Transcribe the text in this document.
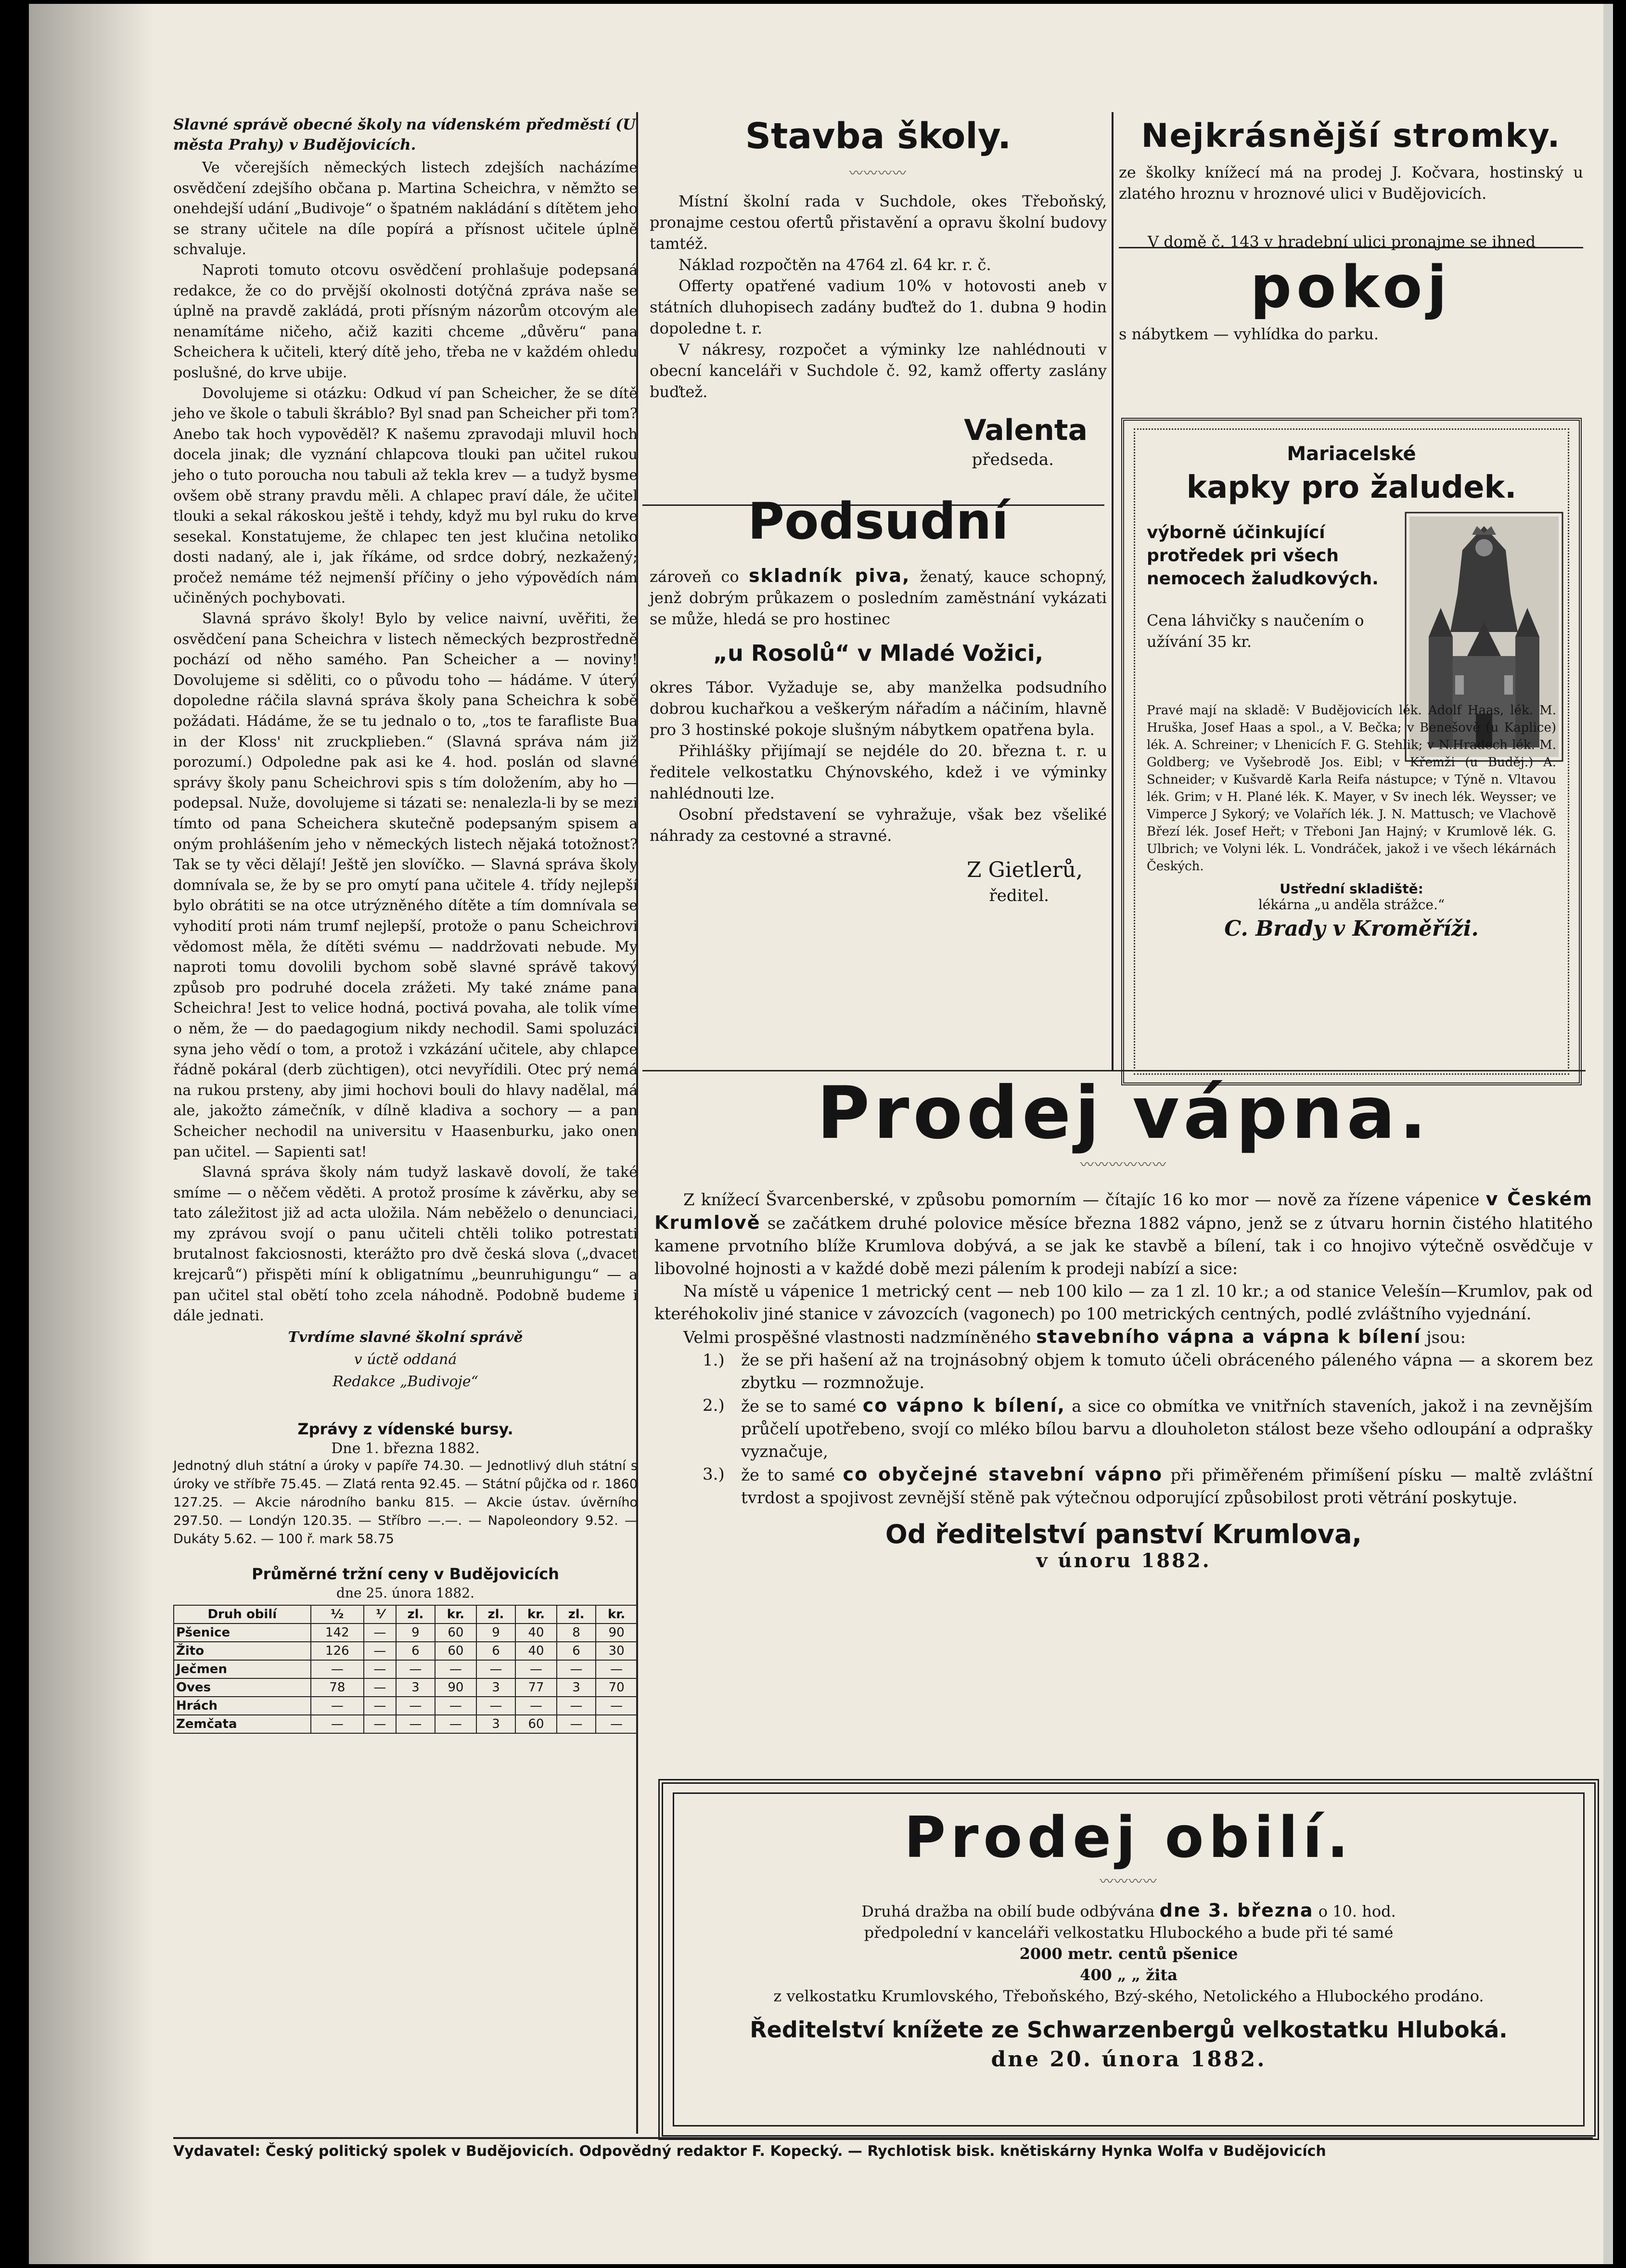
Slavné správě obecné školy na vídenském předměstí (U města Prahy) v Budějovicích.

Ve včerejších německých listech zdejších nacházíme osvědčení zdejšího občana p. Martina Scheichra, v němžto se onehdejší udání „Budivoje“ o špatném nakládání s dítětem jeho se strany učitele na díle popírá a přísnost učitele úplně schvaluje.

Naproti tomuto otcovu osvědčení prohlašuje podepsaná redakce, že co do prvější okolnosti dotýčná zpráva naše se úplně na pravdě zakládá, proti přísným názorům otcovým ale nenamítáme ničeho, ačiž kaziti chceme „důvěru“ pana Scheichera k učiteli, který dítě jeho, třeba ne v každém ohledu poslušné, do krve ubije.

Dovolujeme si otázku: Odkud ví pan Scheicher, že se dítě jeho ve škole o tabuli škráblo? Byl snad pan Scheicher při tom? Anebo tak hoch vypověděl? K našemu zpravodaji mluvil hoch docela jinak; dle vyznání chlapcova tlouki pan učitel rukou jeho o tuto poroucha nou tabuli až tekla krev — a tudyž bysme ovšem obě strany pravdu měli. A chlapec praví dále, že učitel tlouki a sekal rákoskou ještě i tehdy, když mu byl ruku do krve sesekal. Konstatujeme, že chlapec ten jest klučina netoliko dosti nadaný, ale i, jak říkáme, od srdce dobrý, nezkažený; pročež nemáme též nejmenší příčiny o jeho výpovědích nám učiněných pochybovati.

Slavná správo školy! Bylo by velice naivní, uvěřiti, že osvědčení pana Scheichra v listech německých bezprostředně pochází od něho samého. Pan Scheicher a — noviny! Dovolujeme si sděliti, co o původu toho — hádáme. V úterý dopoledne ráčila slavná správa školy pana Scheichra k sobě požádati. Hádáme, že se tu jednalo o to, „tos te farafliste Bua in der Kloss' nit zruckplieben.“ (Slavná správa nám již porozumí.) Odpoledne pak asi ke 4. hod. poslán od slavné správy školy panu Scheichrovi spis s tím doložením, aby ho — podepsal. Nuže, dovolujeme si tázati se: nenalezla-li by se mezi tímto od pana Scheichera skutečně podepsaným spisem a oným prohlášením jeho v německých listech nějaká totožnost? Tak se ty věci dělají! Ještě jen slovíčko. — Slavná správa školy domnívala se, že by se pro omytí pana učitele 4. třídy nejlepší bylo obrátiti se na otce utrýzněného dítěte a tím domnívala se vyhodití proti nám trumf nejlepší, protože o panu Scheichrovi vědomost měla, že dítěti svému — naddržovati nebude. My naproti tomu dovolili bychom sobě slavné správě takový způsob pro podruhé docela zrážeti. My také známe pana Scheichra! Jest to velice hodná, poctivá povaha, ale tolik víme o něm, že — do paedagogium nikdy nechodil. Sami spoluzáci syna jeho vědí o tom, a protož i vzkázání učitele, aby chlapce řádně pokáral (derb züchtigen), otci nevyřídili. Otec prý nemá na rukou prsteny, aby jimi hochovi bouli do hlavy nadělal, má ale, jakožto zámečník, v dílně kladiva a sochory — a pan Scheicher nechodil na universitu v Haasenburku, jako onen pan učitel. — Sapienti sat!

Slavná správa školy nám tudyž laskavě dovolí, že také smíme — o něčem věděti. A protož prosíme k závěrku, aby se tato záležitost již ad acta uložila. Nám neběželo o denunciaci, my zprávou svojí o panu učiteli chtěli toliko potrestati brutalnost fakciosnosti, kterážto pro dvě česká slova („dvacet krejcarů“) přispěti míní k obligatnímu „beunruhigungu“ — a pan učitel stal obětí toho zcela náhodně. Podobně budeme i dále jednati.

Tvrdíme slavné školní správě
v úctě oddaná
Redakce „Budivoje“
Zprávy z vídenské bursy.
Dne 1. března 1882.
Jednotný dluh státní a úroky v papíře 74.30. — Jednotlivý dluh státní s úroky ve stříbře 75.45. — Zlatá renta 92.45. — Státní půjčka od r. 1860 127.25. — Akcie národního banku 815. — Akcie ústav. úvěrního 297.50. — Londýn 120.35. — Stříbro —.—. — Napoleondory 9.52. — Dukáty 5.62. — 100 ř. mark 58.75
Průměrné tržní ceny v Budějovicích
dne 25. února 1882.
Druh obilí	⅟₂	⅟	zl.	kr.	zl.	kr.	zl.	kr.
Pšenice	142	—	9	60	9	40	8	90
Žito	126	—	6	60	6	40	6	30
Ječmen	—	—	—	—	—	—	—	—
Oves	78	—	3	90	3	77	3	70
Hrách	—	—	—	—	—	—	—	—
Zemčata	—	—	—	—	3	60	—	—
Stavba školy.
〰〰〰〰

Místní školní rada v Suchdole, okes Třeboňský, pronajme cestou ofertů přistavění a opravu školní budovy tamtéž.

Náklad rozpočtěn na 4764 zl. 64 kr. r. č.

Offerty opatřené vadium 10% v hotovosti aneb v státních dluhopisech zadány buďtež do 1. dubna 9 hodin dopoledne t. r.

V nákresy, rozpočet a výminky lze nahlédnouti v obecní kanceláři v Suchdole č. 92, kamž offerty zaslány buďtež.

Valenta
předseda.
Podsudní

zároveň co skladník piva, ženatý, kauce schopný, jenž dobrým průkazem o posledním zaměstnání vykázati se může, hledá se pro hostinec

„u Rosolů“ v Mladé Vožici,

okres Tábor. Vyžaduje se, aby manželka podsudního dobrou kuchařkou a veškerým nářadím a náčiním, hlavně pro 3 hostinské pokoje slušným nábytkem opatřena byla.

Přihlášky přijímají se nejdéle do 20. března t. r. u ředitele velkostatku Chýnovského, kdež i ve výminky nahlédnouti lze.

Osobní představení se vyhražuje, však bez všeliké náhrady za cestovné a stravné.

Z Gietlerů,
ředitel.
Nejkrásnější stromky.

ze školky knížecí má na prodej J. Kočvara, hostinský u zlatého hroznu v hroznové ulici v Budějovicích.

V domě č. 143 v hradební ulici pronajme se ihned

pokoj

s nábytkem — vyhlídka do parku.

Mariacelské
kapky pro žaludek.
výborně účinkující protředek pri všech nemocech žaludkových.
Cena láhvičky s naučením o užívání 35 kr.
Pravé mají na skladě: V Budějovicích lék. Adolf Haas, lék. M. Hruška, Josef Haas a spol., a V. Bečka; v Benešově (u Kaplice) lék. A. Schreiner; v Lhenicích F. G. Stehlik; v N.Hradech lék. M. Goldberg; ve Vyšebrodě Jos. Eibl; v Křemži (u Buděj.) A. Schneider; v Kušvardě Karla Reifa nástupce; v Týně n. Vltavou lék. Grim; v H. Plané lék. K. Mayer, v Sv inech lék. Weysser; ve Vimperce J Sykorý; ve Volařích lék. J. N. Mattusch; ve Vlachově Březí lék. Josef Heřt; v Třeboni Jan Hajný; v Krumlově lék. G. Ulbrich; ve Volyni lék. L. Vondráček, jakož i ve všech lékárnách Českých.
Ustřední skladiště:
lékárna „u anděla strážce.“
C. Brady v Kroměříži.
Prodej vápna.
〰〰〰〰〰〰

Z knížecí Švarcenberské, v způsobu pomorním — čítajíc 16 ko mor — nově za řízene vápenice v Českém Krumlově se začátkem druhé polovice měsíce března 1882 vápno, jenž se z útvaru hornin čistého hlatitého kamene prvotního blíže Krumlova dobývá, a se jak ke stavbě a bílení, tak i co hnojivo výtečně osvědčuje v libovolné hojnosti a v každé době mezi pálením k prodeji nabízí a sice:

Na místě u vápenice 1 metrický cent — neb 100 kilo — za 1 zl. 10 kr.; a od stanice Velešín—Krumlov, pak od kteréhokoliv jiné stanice v závozcích (vagonech) po 100 metrických centných, podlé zvláštního vyjednání.

Velmi prospěšné vlastnosti nadzmíněného stavebního vápna a vápna k bílení jsou:

1.) že se při hašení až na trojnásobný objem k tomuto účeli obráceného páleného vápna — a skorem bez zbytku — rozmnožuje.

2.) že se to samé co vápno k bílení, a sice co obmítka ve vnitřních staveních, jakož i na zevnějším průčelí upotřebeno, svojí co mléko bílou barvu a dlouholeton stálost beze všeho odloupání a odprašky vyznačuje,

3.) že to samé co obyčejné stavební vápno při přiměřeném přimíšení písku — maltě zvláštní tvrdost a spojivost zevnější stěně pak výtečnou odporující způsobilost proti větrání poskytuje.

Od ředitelství panství Krumlova,
v únoru 1882.
Prodej obilí.
〰〰〰〰

Druhá dražba na obilí bude odbývána dne 3. března o 10. hod.

předpolední v kanceláři velkostatku Hlubockého a bude při té samé

2000 metr. centů pšenice

400 „ „ žita

z velkostatku Krumlovského, Třeboňského, Bzý-ského, Netolického a Hlubockého prodáno.

Ředitelství knížete ze Schwarzenbergů velkostatku Hluboká.
dne 20. února 1882.
Vydavatel: Český politický spolek v Budějovicích. Odpovědný redaktor F. Kopecký. — Rychlotisk bisk. knětiskárny Hynka Wolfa v Budějovicích
